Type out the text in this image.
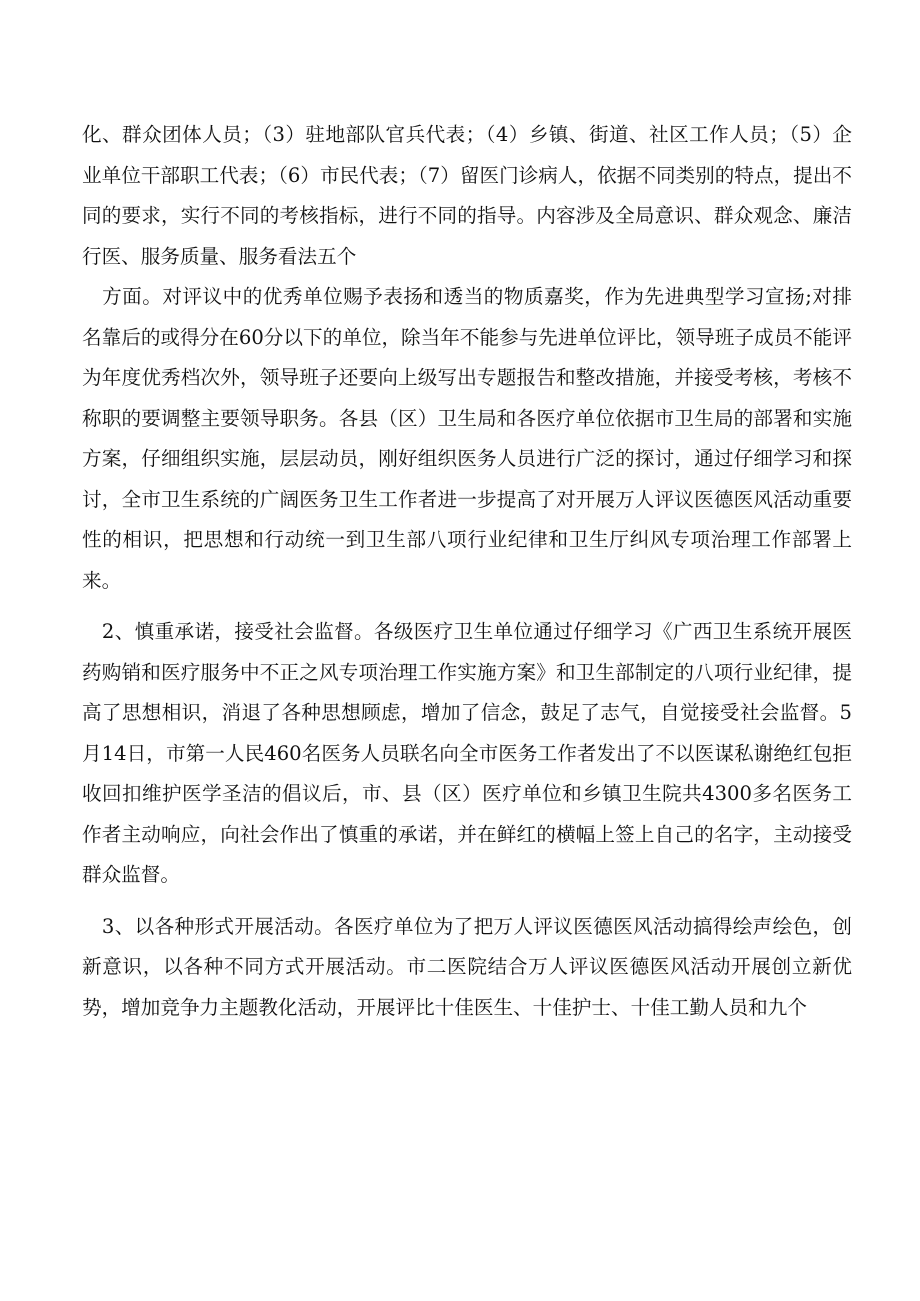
化、群众团体人员；（3）驻地部队官兵代表；（4）乡镇、街道、社区工作人员；（5）企业单位干部职工代表；（6）市民代表；（7）留医门诊病人，依据不同类别的特点，提出不同的要求，实行不同的考核指标，进行不同的指导。内容涉及全局意识、群众观念、廉洁行医、服务质量、服务看法五个

　方面。对评议中的优秀单位赐予表扬和透当的物质嘉奖，作为先进典型学习宣扬;对排名靠后的或得分在60分以下的单位，除当年不能参与先进单位评比，领导班子成员不能评为年度优秀档次外，领导班子还要向上级写出专题报告和整改措施，并接受考核，考核不称职的要调整主要领导职务。各县（区）卫生局和各医疗单位依据市卫生局的部署和实施方案，仔细组织实施，层层动员，刚好组织医务人员进行广泛的探讨，通过仔细学习和探讨，全市卫生系统的广阔医务卫生工作者进一步提高了对开展万人评议医德医风活动重要性的相识，把思想和行动统一到卫生部八项行业纪律和卫生厅纠风专项治理工作部署上来。

　2、慎重承诺，接受社会监督。各级医疗卫生单位通过仔细学习《广西卫生系统开展医药购销和医疗服务中不正之风专项治理工作实施方案》和卫生部制定的八项行业纪律，提高了思想相识，消退了各种思想顾虑，增加了信念，鼓足了志气，自觉接受社会监督。5月14日，市第一人民460名医务人员联名向全市医务工作者发出了不以医谋私谢绝红包拒收回扣维护医学圣洁的倡议后，市、县（区）医疗单位和乡镇卫生院共4300多名医务工作者主动响应，向社会作出了慎重的承诺，并在鲜红的横幅上签上自己的名字，主动接受群众监督。

　3、以各种形式开展活动。各医疗单位为了把万人评议医德医风活动搞得绘声绘色，创新意识，以各种不同方式开展活动。市二医院结合万人评议医德医风活动开展创立新优势，增加竞争力主题教化活动，开展评比十佳医生、十佳护士、十佳工勤人员和九个
